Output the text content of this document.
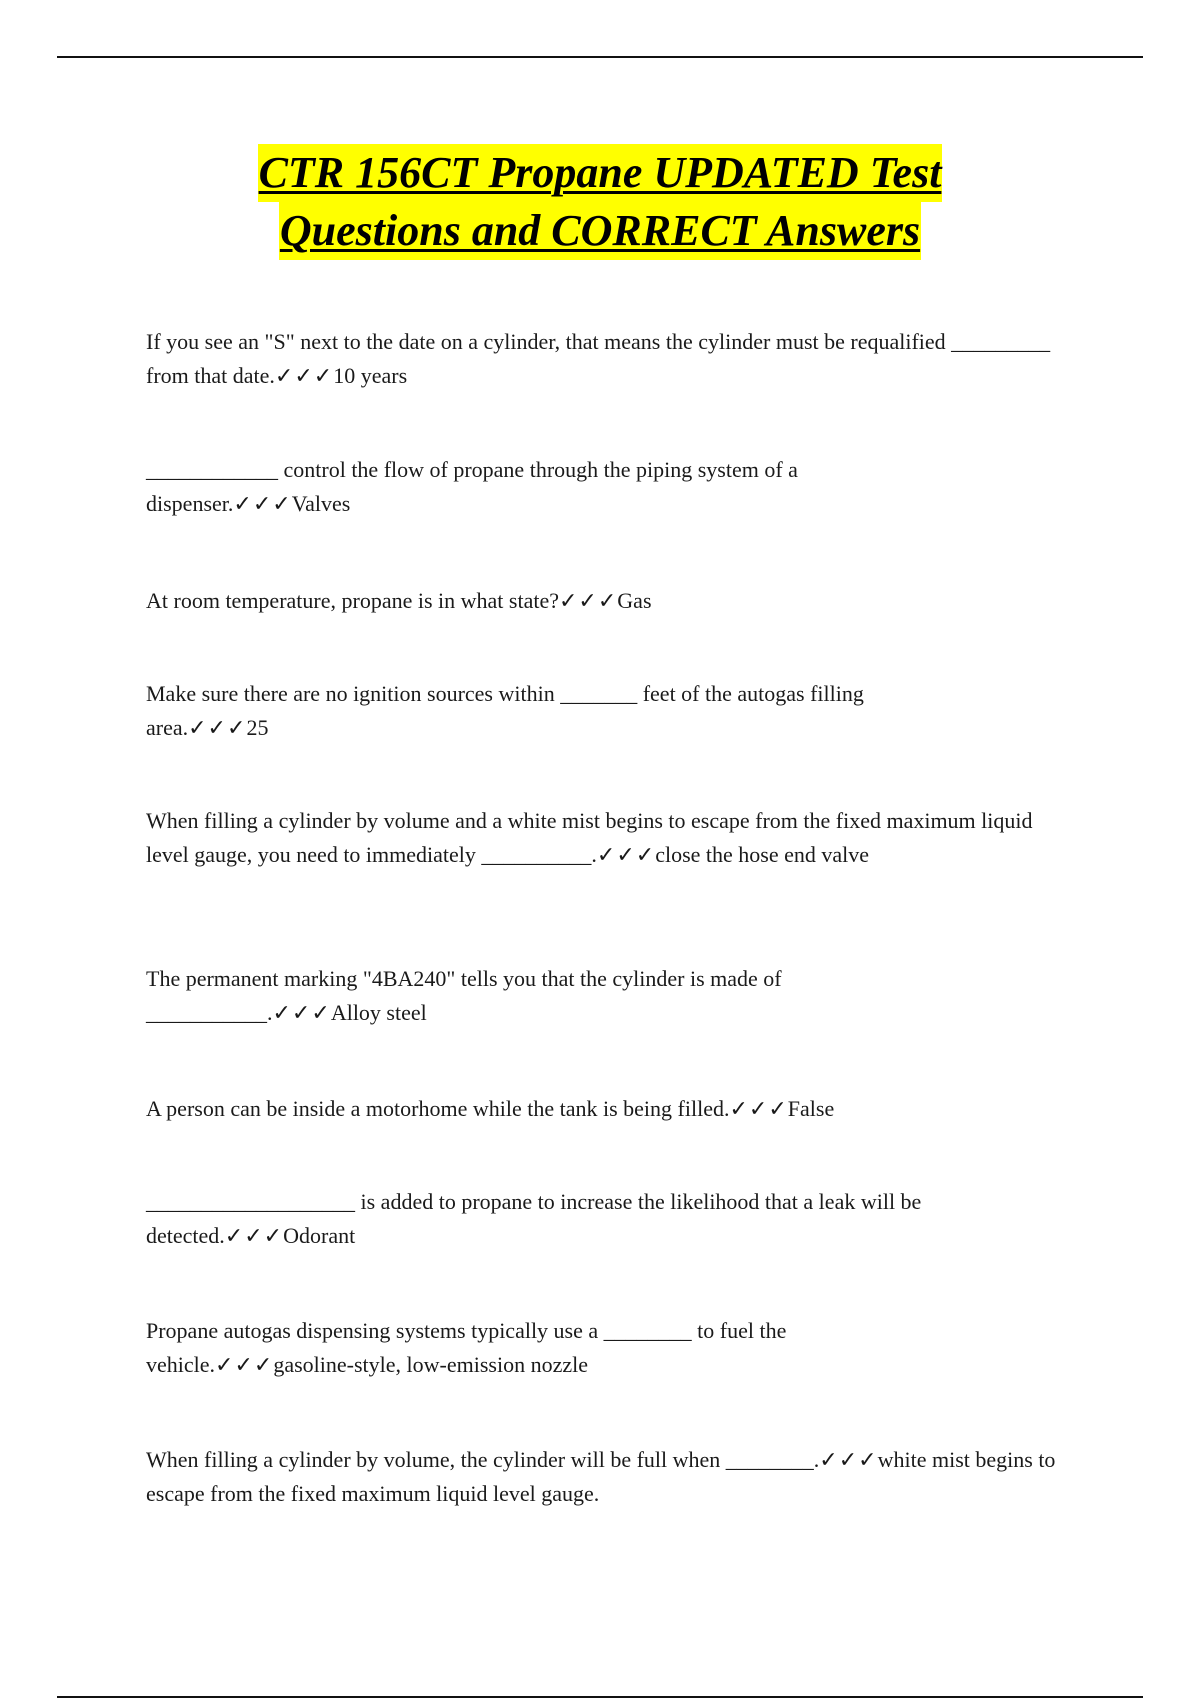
CTR 156CT Propane UPDATED Test
Questions and CORRECT Answers

If you see an "S" next to the date on a cylinder, that means the cylinder must be requalified _________ from that date.✓✓✓10 years

____________ control the flow of propane through the piping system of a dispenser.✓✓✓Valves

At room temperature, propane is in what state?✓✓✓Gas

Make sure there are no ignition sources within _______ feet of the autogas filling area.✓✓✓25

When filling a cylinder by volume and a white mist begins to escape from the fixed maximum liquid level gauge, you need to immediately __________.✓✓✓close the hose end valve

The permanent marking "4BA240" tells you that the cylinder is made of ___________.✓✓✓Alloy steel

A person can be inside a motorhome while the tank is being filled.✓✓✓False

___________________ is added to propane to increase the likelihood that a leak will be detected.✓✓✓Odorant

Propane autogas dispensing systems typically use a ________ to fuel the vehicle.✓✓✓gasoline-style, low-emission nozzle

When filling a cylinder by volume, the cylinder will be full when ________.✓✓✓white mist begins to escape from the fixed maximum liquid level gauge.
